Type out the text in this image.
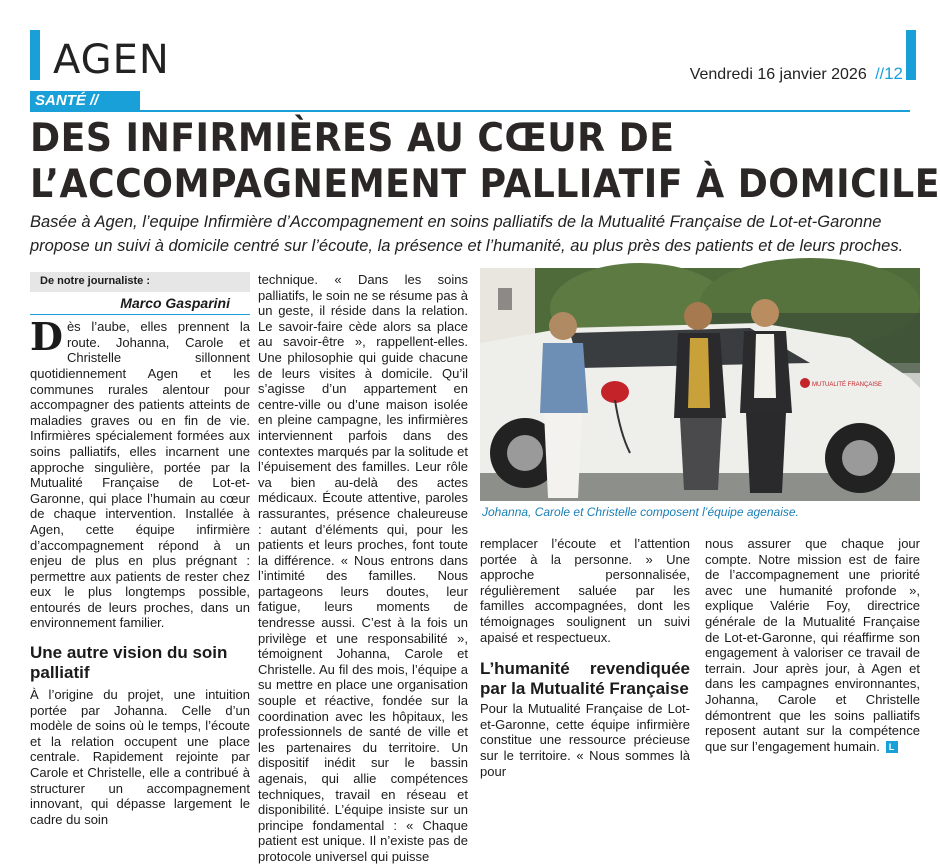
AGEN	Vendredi 16 janvier 2026 //12
SANTÉ //
DES INFIRMIÈRES AU CŒUR DE
L’ACCOMPAGNEMENT PALLIATIF À DOMICILE
Basée à Agen, l’equipe Infirmière d’Accompagnement en soins palliatifs de la Mutualité Française de Lot-et-Garonne propose un suivi à domicile centré sur l’écoute, la présence et l’humanité, au plus près des patients et de leurs proches.
De notre journaliste :
Marco Gasparini

Dès l’aube, elles prennent la route. Johanna, Carole et Christelle sillonnent quotidiennement Agen et les communes rurales alentour pour accompagner des patients atteints de maladies graves ou en fin de vie. Infirmières spécialement formées aux soins palliatifs, elles incarnent une approche singulière, portée par la Mutualité Française de Lot-et-Garonne, qui place l’humain au cœur de chaque intervention. Installée à Agen, cette équipe infirmière d’accompagnement répond à un enjeu de plus en plus prégnant : permettre aux patients de rester chez eux le plus longtemps possible, entourés de leurs proches, dans un environnement familier.

Une autre vision du soin palliatif

À l’origine du projet, une intuition portée par Johanna. Celle d’un modèle de soins où le temps, l’écoute et la relation occupent une place centrale. Rapidement rejointe par Carole et Christelle, elle a contribué à structurer un accompagnement innovant, qui dépasse largement le cadre du soin

technique. « Dans les soins palliatifs, le soin ne se résume pas à un geste, il réside dans la relation. Le savoir-faire cède alors sa place au savoir-être », rappellent-elles. Une philosophie qui guide chacune de leurs visites à domicile. Qu’il s’agisse d’un appartement en centre-ville ou d’une maison isolée en pleine campagne, les infirmières interviennent parfois dans des contextes marqués par la solitude et l’épuisement des familles. Leur rôle va bien au-delà des actes médicaux. Écoute attentive, paroles rassurantes, présence chaleureuse : autant d’éléments qui, pour les patients et leurs proches, font toute la différence. « Nous entrons dans l’intimité des familles. Nous partageons leurs doutes, leur fatigue, leurs moments de tendresse aussi. C’est à la fois un privilège et une responsabilité », témoignent Johanna, Carole et Christelle. Au fil des mois, l’équipe a su mettre en place une organisation souple et réactive, fondée sur la coordination avec les hôpitaux, les professionnels de santé de ville et les partenaires du territoire. Un dispositif inédit sur le bassin agenais, qui allie compétences techniques, travail en réseau et disponibilité. L’équipe insiste sur un principe fondamental : « Chaque patient est unique. Il n’existe pas de protocole universel qui puisse

MUTUALITÉ FRANÇAISE
Johanna, Carole et Christelle composent l’équipe agenaise.

remplacer l’écoute et l’attention portée à la personne. » Une approche personnalisée, régulièrement saluée par les familles accompagnées, dont les témoignages soulignent un suivi apaisé et respectueux.

L’humanité revendiquée par la Mutualité Française

Pour la Mutualité Française de Lot-et-Garonne, cette équipe infirmière constitue une ressource précieuse sur le territoire. « Nous sommes là pour

nous assurer que chaque jour compte. Notre mission est de faire de l’accompagnement une priorité avec une humanité profonde », explique Valérie Foy, directrice générale de la Mutualité Française de Lot-et-Garonne, qui réaffirme son engagement à valoriser ce travail de terrain. Jour après jour, à Agen et dans les campagnes environnantes, Johanna, Carole et Christelle démontrent que les soins palliatifs reposent autant sur la compétence que sur l’engagement humain. L
